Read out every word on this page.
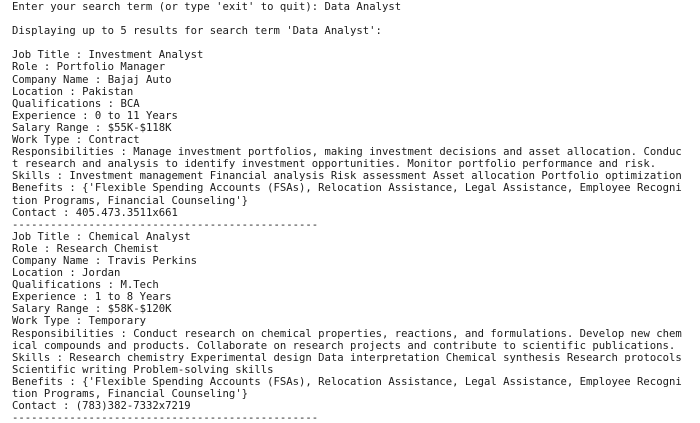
Enter your search term (or type 'exit' to quit): Data Analyst
Displaying up to 5 results for search term 'Data Analyst':
Job Title : Investment Analyst
Role : Portfolio Manager
Company Name : Bajaj Auto
Location : Pakistan
Qualifications : BCA
Experience : 0 to 11 Years
Salary Range : $55K-$118K
Work Type : Contract
Responsibilities : Manage investment portfolios, making investment decisions and asset allocation. Conduct research and analysis to identify investment opportunities. Monitor portfolio performance and risk.
Skills : Investment management Financial analysis Risk assessment Asset allocation Portfolio optimization
Benefits : {'Flexible Spending Accounts (FSAs), Relocation Assistance, Legal Assistance, Employee Recognition Programs, Financial Counseling'}
Contact : 405.473.3511x661
------------------------------------------------
Job Title : Chemical Analyst
Role : Research Chemist
Company Name : Travis Perkins
Location : Jordan
Qualifications : M.Tech
Experience : 1 to 8 Years
Salary Range : $58K-$120K
Work Type : Temporary
Responsibilities : Conduct research on chemical properties, reactions, and formulations. Develop new chemical compounds and products. Collaborate on research projects and contribute to scientific publications.
Skills : Research chemistry Experimental design Data interpretation Chemical synthesis Research protocols Scientific writing Problem-solving skills
Benefits : {'Flexible Spending Accounts (FSAs), Relocation Assistance, Legal Assistance, Employee Recognition Programs, Financial Counseling'}
Contact : (783)382-7332x7219
------------------------------------------------
